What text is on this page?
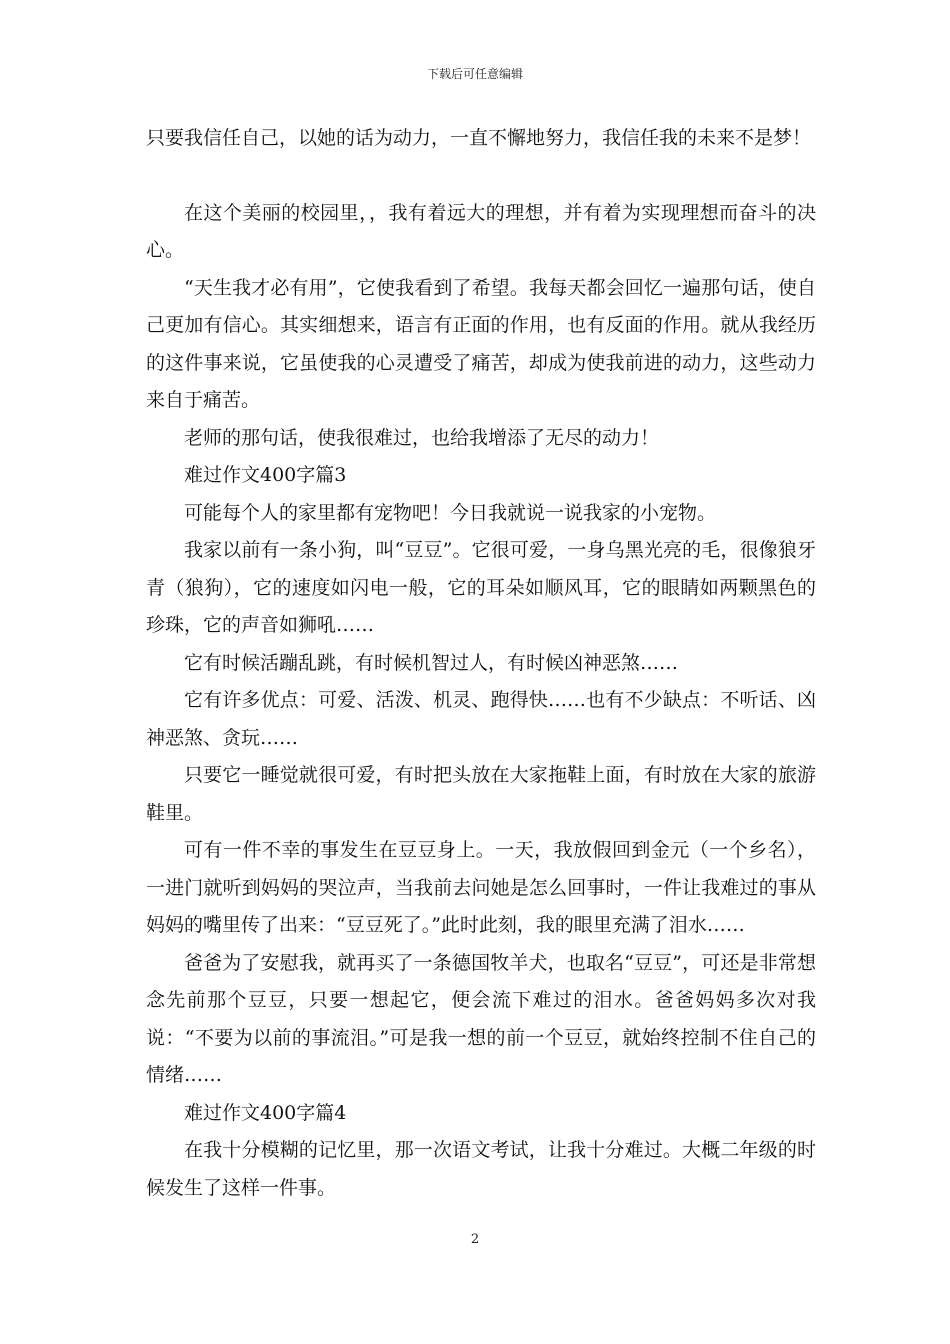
下载后可任意编辑

只要我信任自己，以她的话为动力，一直不懈地努力，我信任我的未来不是梦！

在这个美丽的校园里，，我有着远大的理想，并有着为实现理想而奋斗的决心。

“天生我才必有用”，它使我看到了希望。我每天都会回忆一遍那句话，使自己更加有信心。其实细想来，语言有正面的作用，也有反面的作用。就从我经历的这件事来说，它虽使我的心灵遭受了痛苦，却成为使我前进的动力，这些动力来自于痛苦。

老师的那句话，使我很难过，也给我增添了无尽的动力！

难过作文400字篇3

可能每个人的家里都有宠物吧！今日我就说一说我家的小宠物。

我家以前有一条小狗，叫“豆豆”。它很可爱，一身乌黑光亮的毛，很像狼牙青（狼狗），它的速度如闪电一般，它的耳朵如顺风耳，它的眼睛如两颗黑色的珍珠，它的声音如狮吼……

它有时候活蹦乱跳，有时候机智过人，有时候凶神恶煞……

它有许多优点：可爱、活泼、机灵、跑得快……也有不少缺点：不听话、凶神恶煞、贪玩……

只要它一睡觉就很可爱，有时把头放在大家拖鞋上面，有时放在大家的旅游鞋里。

可有一件不幸的事发生在豆豆身上。一天，我放假回到金元（一个乡名），一进门就听到妈妈的哭泣声，当我前去问她是怎么回事时，一件让我难过的事从妈妈的嘴里传了出来：“豆豆死了。”此时此刻，我的眼里充满了泪水……

爸爸为了安慰我，就再买了一条德国牧羊犬，也取名“豆豆”，可还是非常想念先前那个豆豆，只要一想起它，便会流下难过的泪水。爸爸妈妈多次对我说：“不要为以前的事流泪。”可是我一想的前一个豆豆，就始终控制不住自己的情绪……

难过作文400字篇4

在我十分模糊的记忆里，那一次语文考试，让我十分难过。大概二年级的时候发生了这样一件事。

2
